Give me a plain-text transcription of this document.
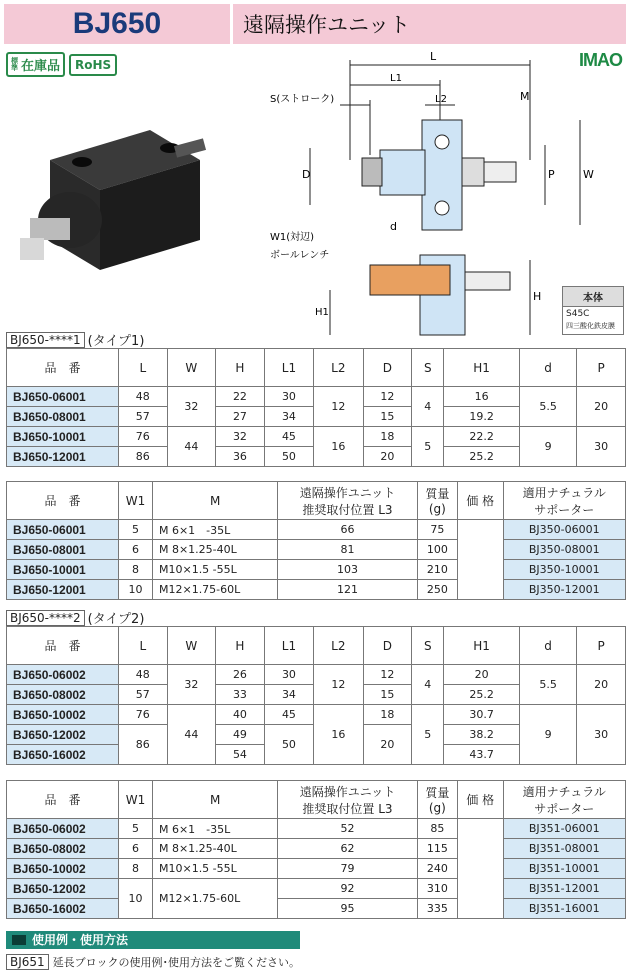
BJ650	遠隔操作ユニット
標準 在庫品	RoHS	IMAO
L
L1
L2
S(ストローク)	M
D	P	W
d
W1(対辺)
ボールレンチ
H1
H	本体
S45C
四三酸化鉄皮膜
BJ650-****1 (タイプ1)
品　番	L	W	H	L1	L2	D	S	H1	d	P
BJ650-06001	48	32	22	30	12	12	4	16	5.5	20
BJ650-08001	57		27	34		15		19.2		
BJ650-10001	76	44	32	45	16	18	5	22.2	9	30
BJ650-12001	86		36	50		20		25.2		
品　番	W1	M	遠隔操作ユニット
推奨取付位置 L3	質量
(g)	価 格	適用ナチュラル
サポーター
BJ650-06001	5	M 6×1　-35L	66	75		BJ350-06001
BJ650-08001	6	M 8×1.25-40L	81	100		BJ350-08001
BJ650-10001	8	M10×1.5 -55L	103	210		BJ350-10001
BJ650-12001	10	M12×1.75-60L	121	250		BJ350-12001
BJ650-****2 (タイプ2)
品　番	L	W	H	L1	L2	D	S	H1	d	P
BJ650-06002	48	32	26	30	12	12	4	20	5.5	20
BJ650-08002	57		33	34		15		25.2		
BJ650-10002	76	44	40	45	16	18	5	30.7	9	30
BJ650-12002	86		49	50		20		38.2		
BJ650-16002			54					43.7		
品　番	W1	M	遠隔操作ユニット
推奨取付位置 L3	質量
(g)	価 格	適用ナチュラル
サポーター
BJ650-06002	5	M 6×1　-35L	52	85		BJ351-06001
BJ650-08002	6	M 8×1.25-40L	62	115		BJ351-08001
BJ650-10002	8	M10×1.5 -55L	79	240		BJ351-10001
BJ650-12002	10	M12×1.75-60L	92	310		BJ351-12001
BJ650-16002			95	335		BJ351-16001
使用例・使用方法
BJ651 延長ブロックの使用例･使用方法をご覧ください。
